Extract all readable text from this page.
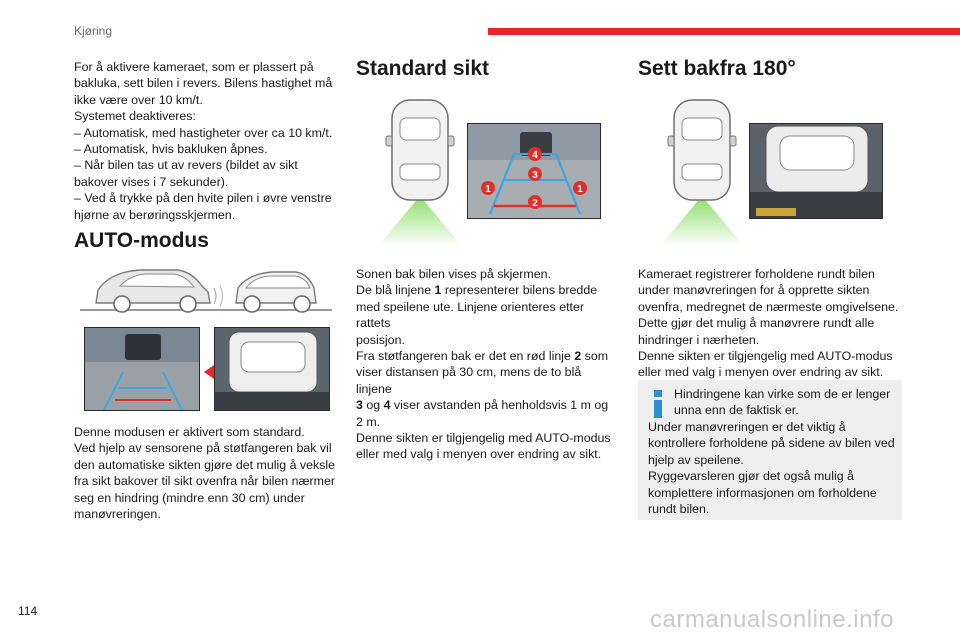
Kjøring

For å aktivere kameraet, som er plassert på

bakluka, sett bilen i revers. Bilens hastighet må

ikke være over 10 km/t.

Systemet deaktiveres:

– Automatisk, med hastigheter over ca 10 km/t.

– Automatisk, hvis bakluken åpnes.

– Når bilen tas ut av revers (bildet av sikt

bakover vises i 7 sekunder).

– Ved å trykke på den hvite pilen i øvre venstre

hjørne av berøringsskjermen.

AUTO-modus

Denne modusen er aktivert som standard.

Ved hjelp av sensorene på støtfangeren bak vil

den automatiske sikten gjøre det mulig å veksle

fra sikt bakover til sikt ovenfra når bilen nærmer

seg en hindring (mindre enn 30 cm) under

manøvreringen.

Standard sikt
4
3
1	1
2

Sonen bak bilen vises på skjermen.

De blå linjene 1 representerer bilens bredde

med speilene ute. Linjene orienteres etter rattets

posisjon.

Fra støtfangeren bak er det en rød linje 2 som

viser distansen på 30 cm, mens de to blå linjene

3 og 4 viser avstanden på henholdsvis 1 m og

2 m.

Denne sikten er tilgjengelig med AUTO-modus

eller med valg i menyen over endring av sikt.

Sett bakfra 180°

Kameraet registrerer forholdene rundt bilen

under manøvreringen for å opprette sikten

ovenfra, medregnet de nærmeste omgivelsene.

Dette gjør det mulig å manøvrere rundt alle

hindringer i nærheten.

Denne sikten er tilgjengelig med AUTO-modus

eller med valg i menyen over endring av sikt.

Hindringene kan virke som de er lenger

unna enn de faktisk er.

Under manøvreringen er det viktig å

kontrollere forholdene på sidene av bilen ved

hjelp av speilene.

Ryggevarsleren gjør det også mulig å

komplettere informasjonen om forholdene

rundt bilen.

114	carmanualsonline.info
